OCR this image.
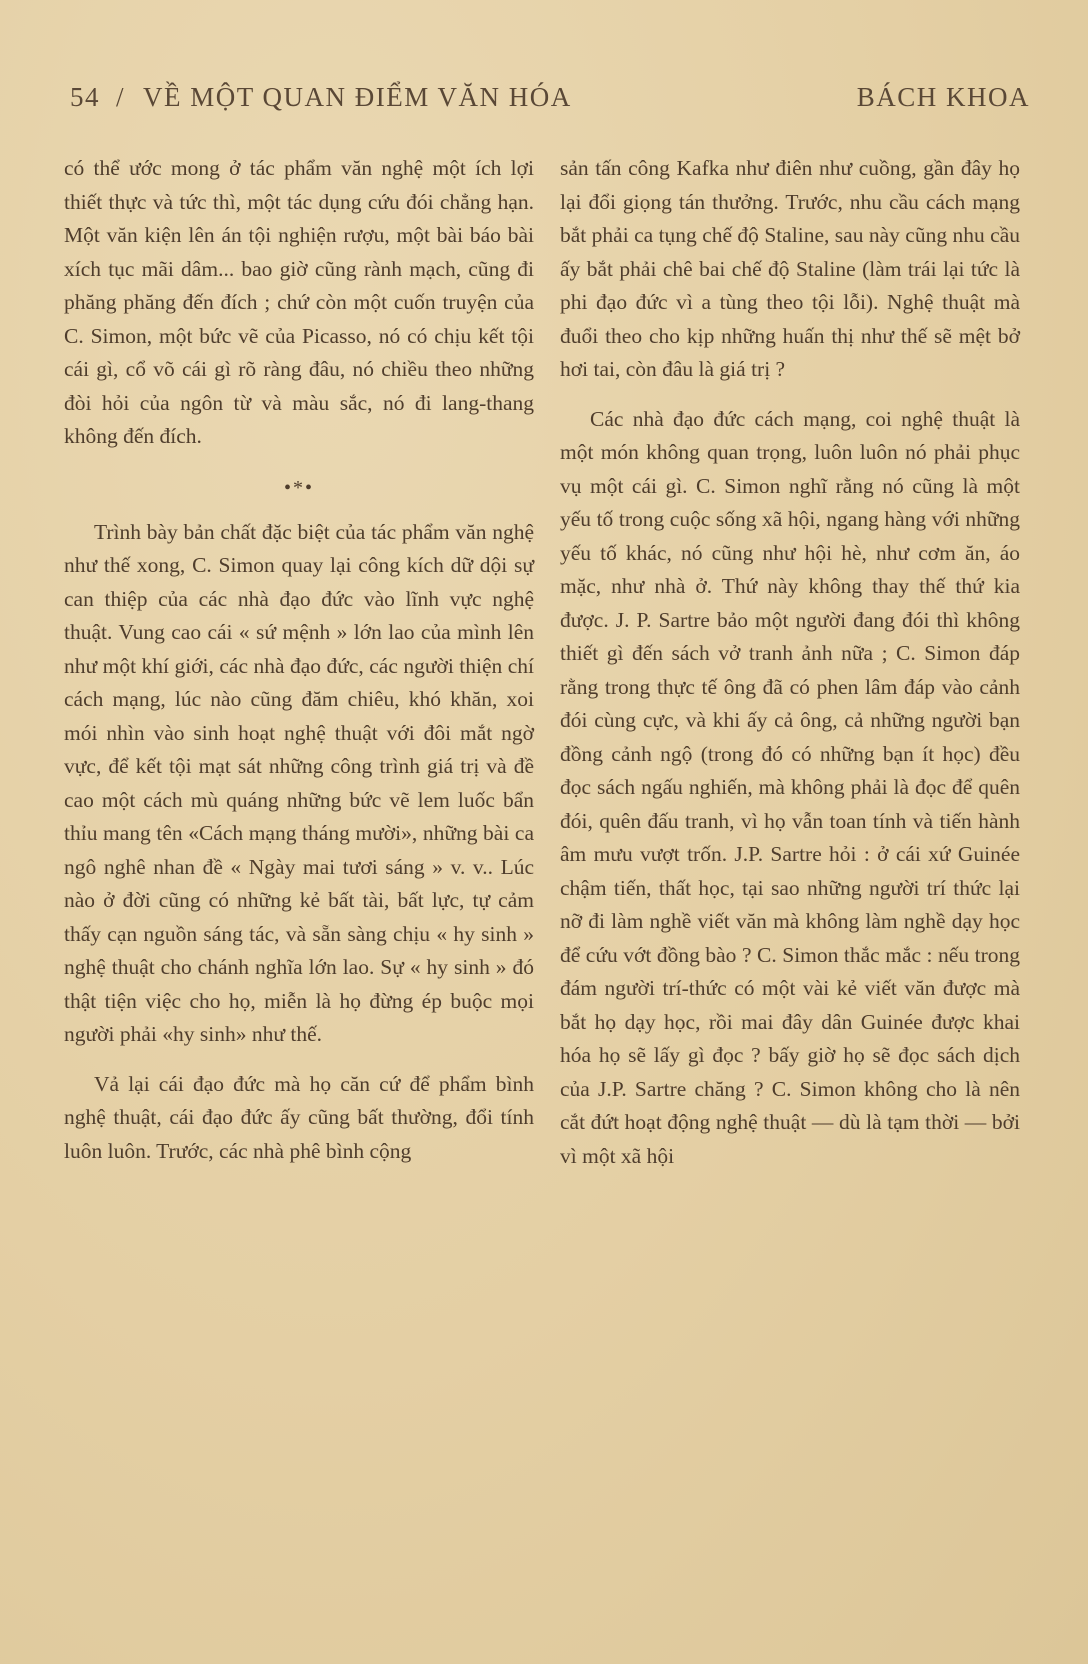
54 / VỀ MỘT QUAN ĐIỂM VĂN HÓA	BÁCH KHOA

có thể ước mong ở tác phẩm văn nghệ một ích lợi thiết thực và tức thì, một tác dụng cứu đói chẳng hạn. Một văn kiện lên án tội nghiện rượu, một bài báo bài xích tục mãi dâm... bao giờ cũng rành mạch, cũng đi phăng phăng đến đích ; chứ còn một cuốn truyện của C. Simon, một bức vẽ của Picasso, nó có chịu kết tội cái gì, cổ võ cái gì rõ ràng đâu, nó chiều theo những đòi hỏi của ngôn từ và màu sắc, nó đi lang-thang không đến đích.

•*•

Trình bày bản chất đặc biệt của tác phẩm văn nghệ như thế xong, C. Simon quay lại công kích dữ dội sự can thiệp của các nhà đạo đức vào lĩnh vực nghệ thuật. Vung cao cái « sứ mệnh » lớn lao của mình lên như một khí giới, các nhà đạo đức, các người thiện chí cách mạng, lúc nào cũng đăm chiêu, khó khăn, xoi mói nhìn vào sinh hoạt nghệ thuật với đôi mắt ngờ vực, để kết tội mạt sát những công trình giá trị và đề cao một cách mù quáng những bức vẽ lem luốc bẩn thỉu mang tên «Cách mạng tháng mười», những bài ca ngô nghê nhan đề « Ngày mai tươi sáng » v. v.. Lúc nào ở đời cũng có những kẻ bất tài, bất lực, tự cảm thấy cạn nguồn sáng tác, và sẵn sàng chịu « hy sinh » nghệ thuật cho chánh nghĩa lớn lao. Sự « hy sinh » đó thật tiện việc cho họ, miễn là họ đừng ép buộc mọi người phải «hy sinh» như thế.

Vả lại cái đạo đức mà họ căn cứ để phẩm bình nghệ thuật, cái đạo đức ấy cũng bất thường, đổi tính luôn luôn. Trước, các nhà phê bình cộng

sản tấn công Kafka như điên như cuồng, gần đây họ lại đổi giọng tán thưởng. Trước, nhu cầu cách mạng bắt phải ca tụng chế độ Staline, sau này cũng nhu cầu ấy bắt phải chê bai chế độ Staline (làm trái lại tức là phi đạo đức vì a tùng theo tội lỗi). Nghệ thuật mà đuổi theo cho kịp những huấn thị như thế sẽ mệt bở hơi tai, còn đâu là giá trị ?

Các nhà đạo đức cách mạng, coi nghệ thuật là một món không quan trọng, luôn luôn nó phải phục vụ một cái gì. C. Simon nghĩ rằng nó cũng là một yếu tố trong cuộc sống xã hội, ngang hàng với những yếu tố khác, nó cũng như hội hè, như cơm ăn, áo mặc, như nhà ở. Thứ này không thay thế thứ kia được. J. P. Sartre bảo một người đang đói thì không thiết gì đến sách vở tranh ảnh nữa ; C. Simon đáp rằng trong thực tế ông đã có phen lâm đáp vào cảnh đói cùng cực, và khi ấy cả ông, cả những người bạn đồng cảnh ngộ (trong đó có những bạn ít học) đều đọc sách ngấu nghiến, mà không phải là đọc để quên đói, quên đấu tranh, vì họ vẫn toan tính và tiến hành âm mưu vượt trốn. J.P. Sartre hỏi : ở cái xứ Guinée chậm tiến, thất học, tại sao những người trí thức lại nỡ đi làm nghề viết văn mà không làm nghề dạy học để cứu vớt đồng bào ? C. Simon thắc mắc : nếu trong đám người trí-thức có một vài kẻ viết văn được mà bắt họ dạy học, rồi mai đây dân Guinée được khai hóa họ sẽ lấy gì đọc ? bấy giờ họ sẽ đọc sách dịch của J.P. Sartre chăng ? C. Simon không cho là nên cắt đứt hoạt động nghệ thuật — dù là tạm thời — bởi vì một xã hội
